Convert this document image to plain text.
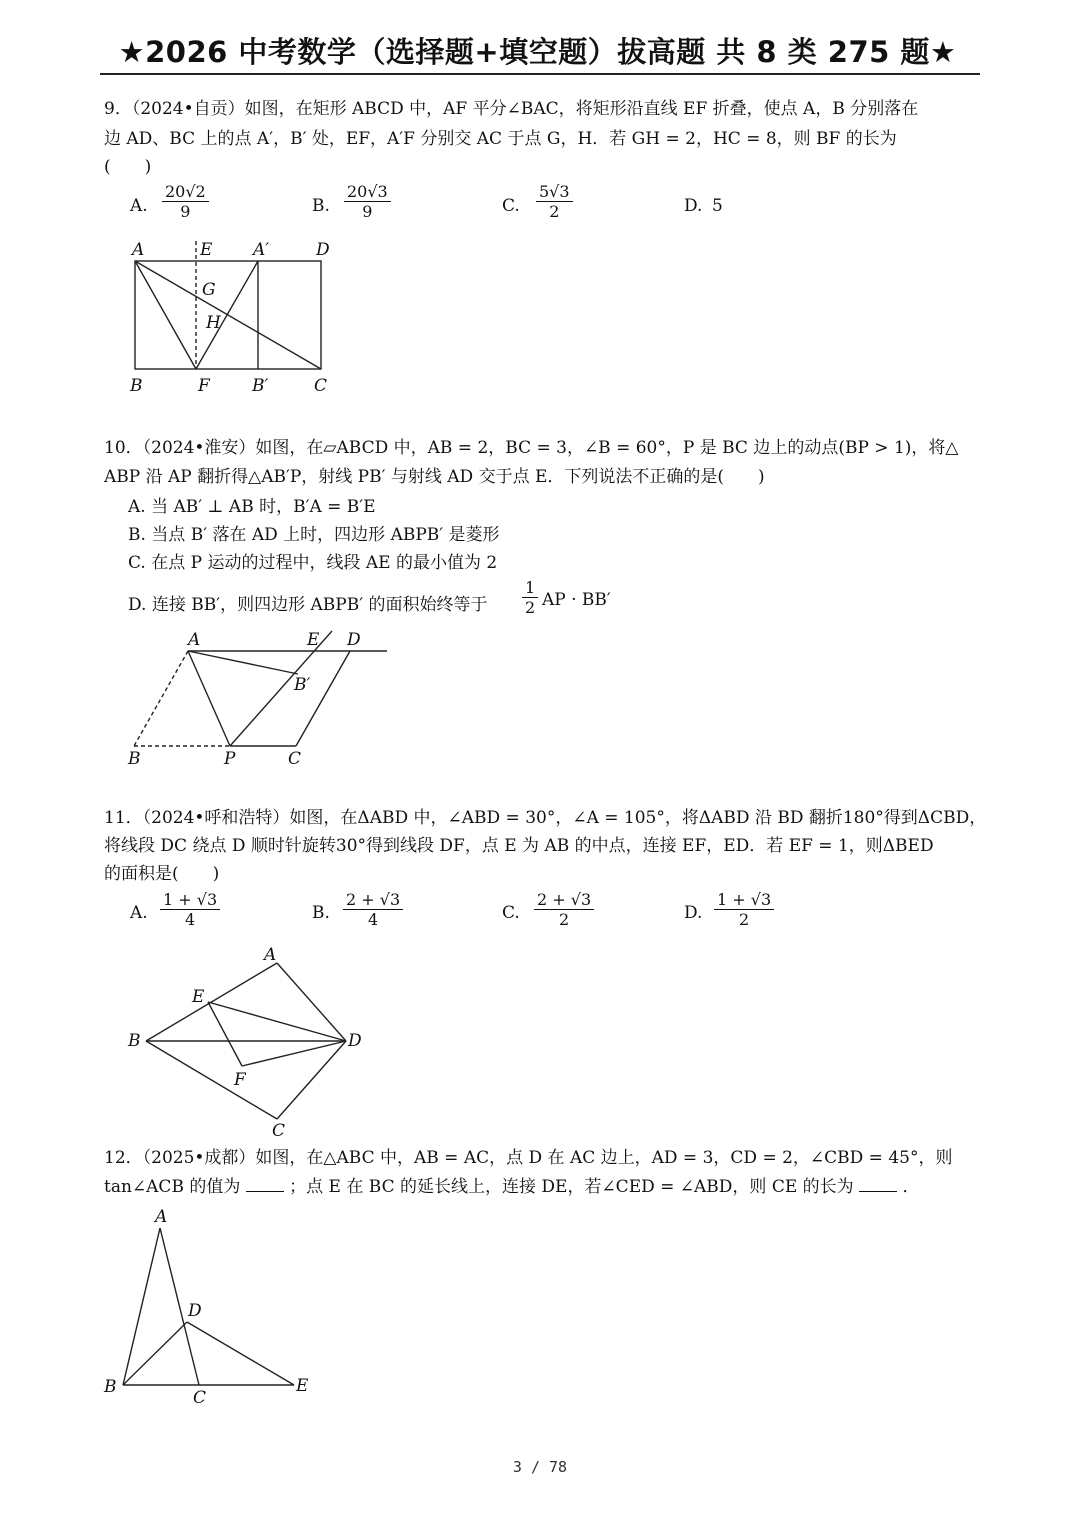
★2026 中考数学（选择题+填空题）拔高题 共 8 类 275 题★
9．（2024•自贡）如图，在矩形 ABCD 中，AF 平分∠BAC，将矩形沿直线 EF 折叠，使点 A，B 分别落在
边 AD、BC 上的点 A′，B′ 处，EF，A′F 分别交 AC 于点 G，H．若 GH = 2，HC = 8，则 BF 的长为
(　　)
A. $\frac{20√2}{9}$	B. $\frac{20√3}{9}$	C. $\frac{5√3}{2}$	D. 5
A	E A′	D
G
H
B	F B′	C
10．（2024•淮安）如图，在▱ABCD 中，AB = 2，BC = 3，∠B = 60°，P 是 BC 边上的动点(BP > 1)，将△
ABP 沿 AP 翻折得△AB′P，射线 PB′ 与射线 AD 交于点 E．下列说法不正确的是(　　)
A. 当 AB′ ⊥ AB 时，B′A = B′E
B. 当点 B′ 落在 AD 上时，四边形 ABPB′ 是菱形
C. 在点 P 运动的过程中，线段 AE 的最小值为 2
D. 连接 BB′，则四边形 ABPB′ 的面积始终等于 $\frac{1}{2}$ AP · BB′
A	E D
B′
B	P	C
11．（2024•呼和浩特）如图，在ΔABD 中，∠ABD = 30°，∠A = 105°，将ΔABD 沿 BD 翻折180°得到ΔCBD，
将线段 DC 绕点 D 顺时针旋转30°得到线段 DF，点 E 为 AB 的中点，连接 EF，ED．若 EF = 1，则ΔBED
的面积是(　　)
A. $\frac{1 + √3}{4}$	B. $\frac{2 + √3}{4}$	C. $\frac{2 + √3}{2}$	D. $\frac{1 + √3}{2}$
A
E
B	D
F
C
12．（2025•成都）如图，在△ABC 中，AB = AC，点 D 在 AC 边上，AD = 3，CD = 2，∠CBD = 45°，则
tan∠ACB 的值为	；点 E 在 BC 的延长线上，连接 DE，若∠CED = ∠ABD，则 CE 的长为	．
A
D
B
C
E
3 / 78
